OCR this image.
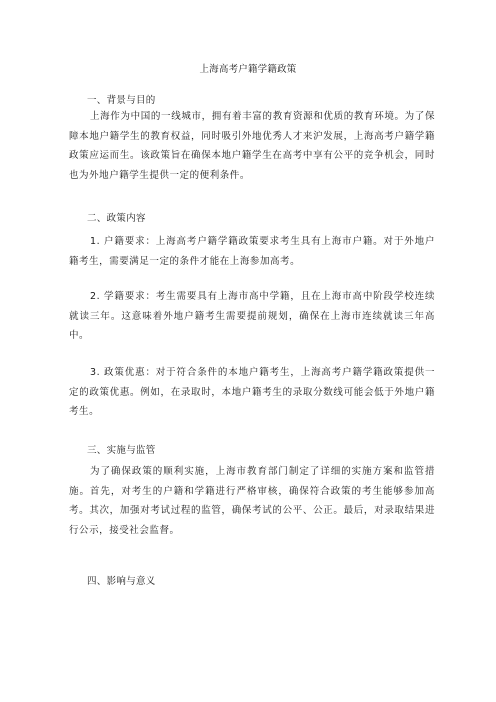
上海高考户籍学籍政策
一、背景与目的

上海作为中国的一线城市，拥有着丰富的教育资源和优质的教育环境。为了保障本地户籍学生的教育权益，同时吸引外地优秀人才来沪发展，上海高考户籍学籍政策应运而生。该政策旨在确保本地户籍学生在高考中享有公平的竞争机会，同时也为外地户籍学生提供一定的便利条件。

二、政策内容

1. 户籍要求：上海高考户籍学籍政策要求考生具有上海市户籍。对于外地户籍考生，需要满足一定的条件才能在上海参加高考。

2. 学籍要求：考生需要具有上海市高中学籍，且在上海市高中阶段学校连续就读三年。这意味着外地户籍考生需要提前规划，确保在上海市连续就读三年高中。

3. 政策优惠：对于符合条件的本地户籍考生，上海高考户籍学籍政策提供一定的政策优惠。例如，在录取时，本地户籍考生的录取分数线可能会低于外地户籍考生。

三、实施与监管

为了确保政策的顺利实施，上海市教育部门制定了详细的实施方案和监管措施。首先，对考生的户籍和学籍进行严格审核，确保符合政策的考生能够参加高考。其次，加强对考试过程的监管，确保考试的公平、公正。最后，对录取结果进行公示，接受社会监督。

四、影响与意义
